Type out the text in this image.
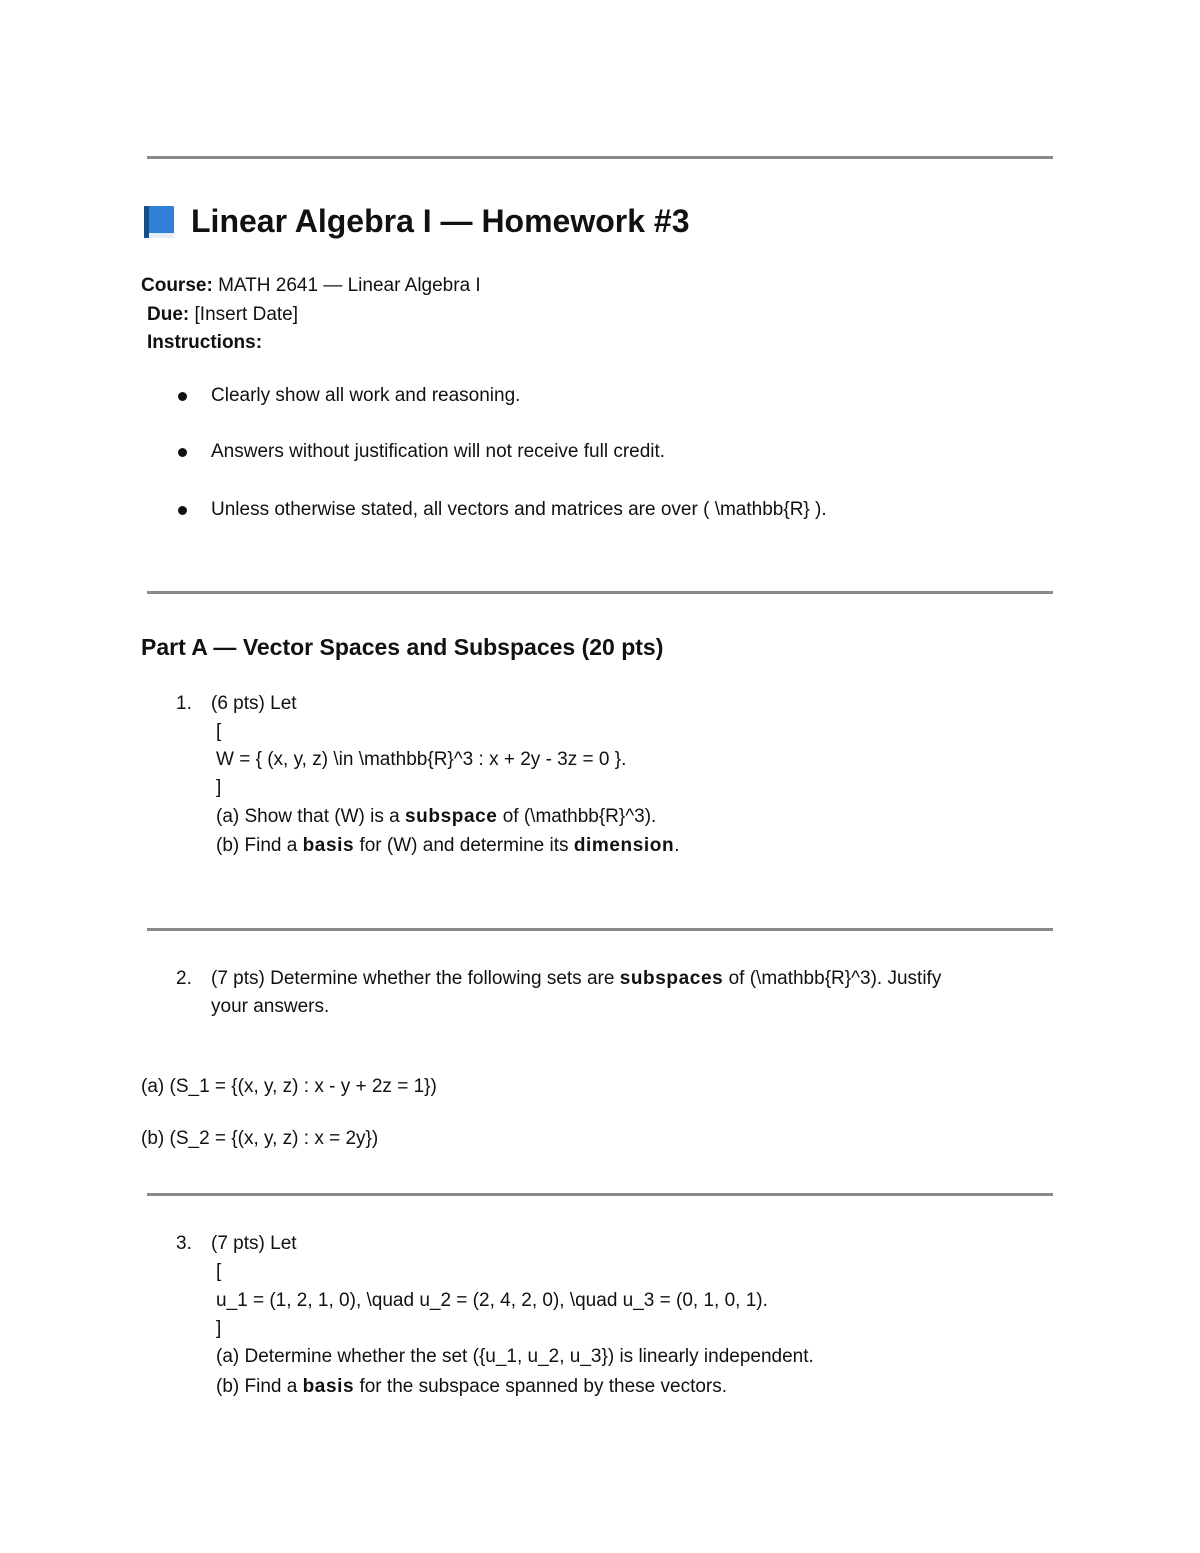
Linear Algebra I — Homework #3
Course: MATH 2641 — Linear Algebra I
Due: [Insert Date]
Instructions:
Clearly show all work and reasoning.
Answers without justification will not receive full credit.
Unless otherwise stated, all vectors and matrices are over ( \mathbb{R} ).
Part A — Vector Spaces and Subspaces (20 pts)
1. (6 pts) Let
[
W = { (x, y, z) \in \mathbb{R}^3 : x + 2y - 3z = 0 }.
]
(a) Show that (W) is a subspace of (\mathbb{R}^3).
(b) Find a basis for (W) and determine its dimension.
2. (7 pts) Determine whether the following sets are subspaces of (\mathbb{R}^3). Justify
your answers.
(a) (S_1 = {(x, y, z) : x - y + 2z = 1})
(b) (S_2 = {(x, y, z) : x = 2y})
3. (7 pts) Let
[
u_1 = (1, 2, 1, 0), \quad u_2 = (2, 4, 2, 0), \quad u_3 = (0, 1, 0, 1).
]
(a) Determine whether the set ({u_1, u_2, u_3}) is linearly independent.
(b) Find a basis for the subspace spanned by these vectors.
